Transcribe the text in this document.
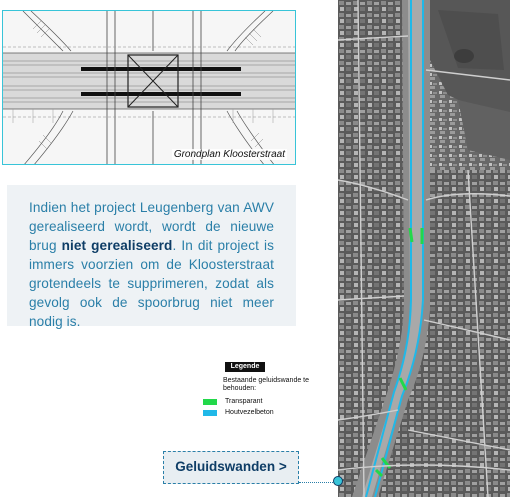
Grondplan Kloosterstraat

Indien het project Leugenberg van AWV gerealiseerd wordt, wordt de nieuwe brug niet gerealiseerd. In dit project is immers voorzien om de Kloosterstraat grotendeels te supprimeren, zodat als gevolg ook de spoorbrug niet meer nodig is.

Legende
Bestaande geluidswande te behouden:
Transparant
Houtvezelbeton
Geluidswanden >
